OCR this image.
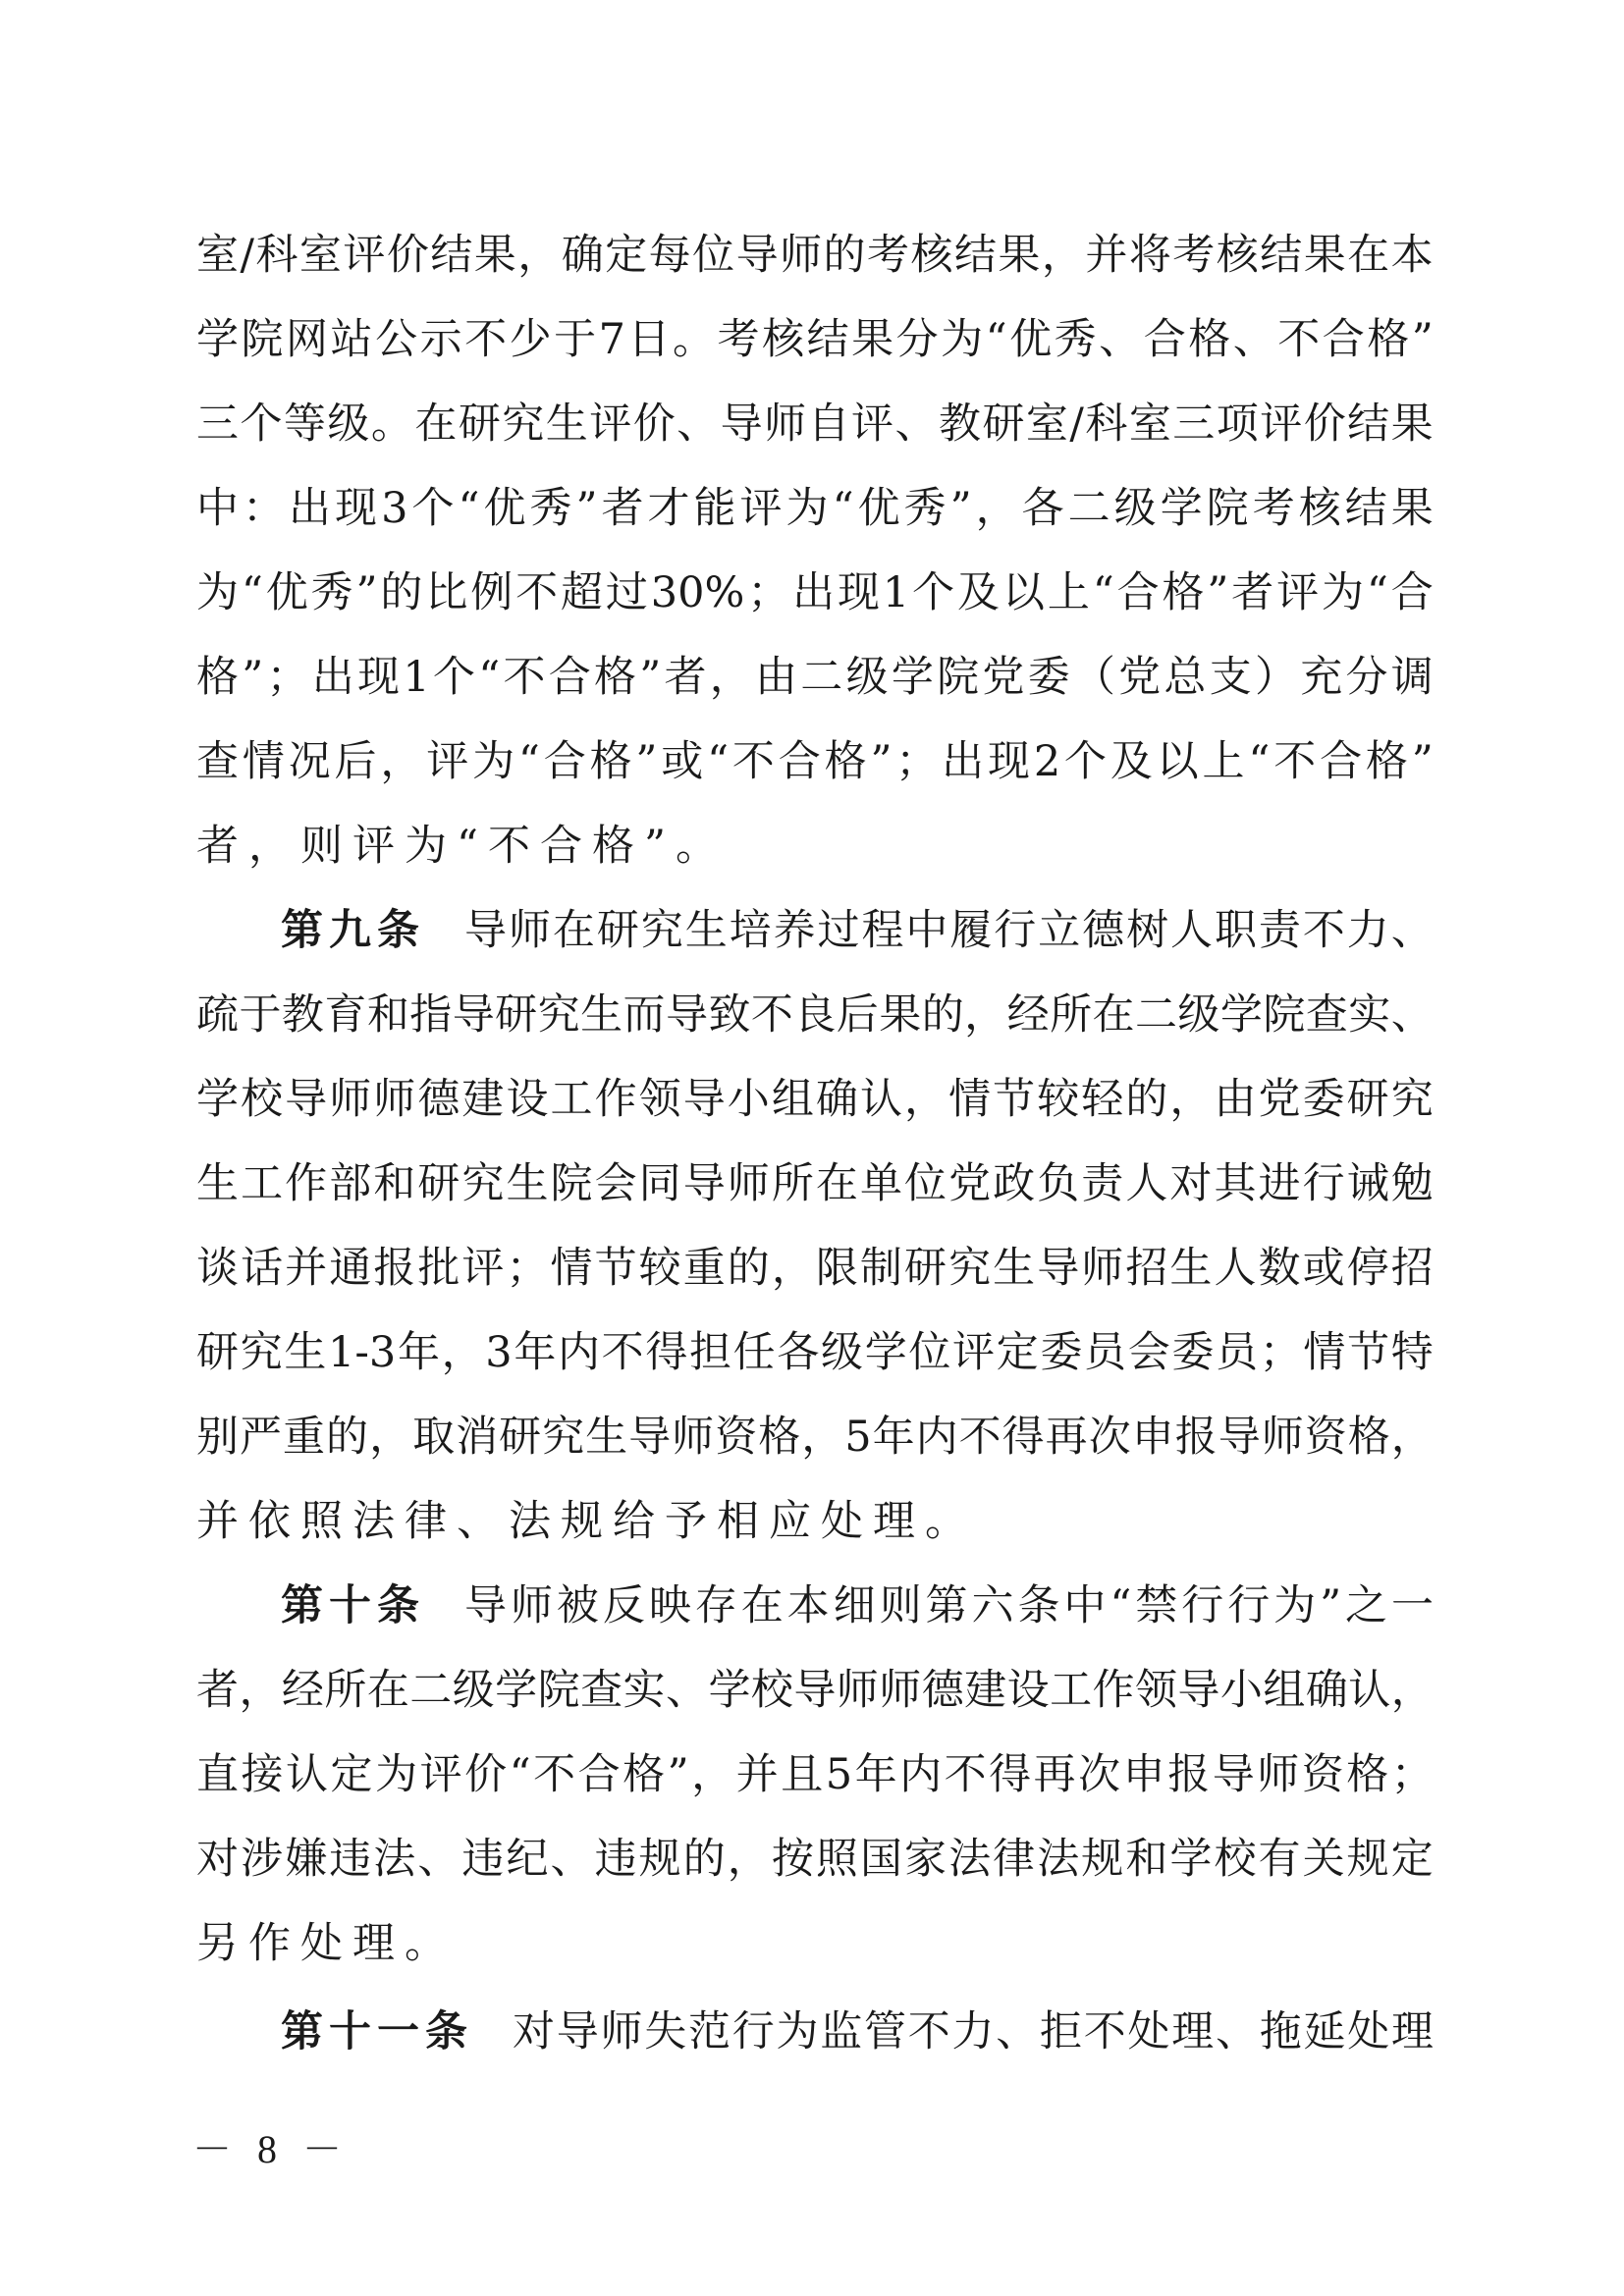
室 / 科 室 评 价 结 果 ， 确 定 每 位 导 师 的 考 核 结 果 ， 并 将 考 核 结 果 在 本
学 院 网 站 公 示 不 少 于 7 日 。 考 核 结 果 分 为 “ 优 秀 、 合 格 、 不 合 格 ”
三 个 等 级 。 在 研 究 生 评 价 、 导 师 自 评 、 教 研 室 / 科 室 三 项 评 价 结 果
中 ： 出 现 3 个 “ 优 秀 ” 者 才 能 评 为 “ 优 秀 ” ， 各 二 级 学 院 考 核 结 果
为 “ 优 秀 ” 的 比 例 不 超 过 30% ； 出 现 1 个 及 以 上 “ 合 格 ” 者 评 为 “ 合
格 ” ； 出 现 1 个 “ 不 合 格 ” 者 ， 由 二 级 学 院 党 委 （ 党 总 支 ） 充 分 调
查 情 况 后 ， 评 为 “ 合 格 ” 或 “ 不 合 格 ” ； 出 现 2 个 及 以 上 “ 不 合 格 ”
者，则评为“不合格”。
第九条 导 师 在 研 究 生 培 养 过 程 中 履 行 立 德 树 人 职 责 不 力 、
疏 于 教 育 和 指 导 研 究 生 而 导 致 不 良 后 果 的 ， 经 所 在 二 级 学 院 查 实 、
学 校 导 师 师 德 建 设 工 作 领 导 小 组 确 认 ， 情 节 较 轻 的 ， 由 党 委 研 究
生 工 作 部 和 研 究 生 院 会 同 导 师 所 在 单 位 党 政 负 责 人 对 其 进 行 诫 勉
谈 话 并 通 报 批 评 ； 情 节 较 重 的 ， 限 制 研 究 生 导 师 招 生 人 数 或 停 招
研 究 生 1-3 年 ， 3 年 内 不 得 担 任 各 级 学 位 评 定 委 员 会 委 员 ； 情 节 特
别 严 重 的 ， 取 消 研 究 生 导 师 资 格 ， 5 年 内 不 得 再 次 申 报 导 师 资 格 ，
并依照法律、法规给予相应处理。
第十条 导 师 被 反 映 存 在 本 细 则 第 六 条 中 “ 禁 行 行 为 ” 之 一
者 ， 经 所 在 二 级 学 院 查 实 、 学 校 导 师 师 德 建 设 工 作 领 导 小 组 确 认 ，
直 接 认 定 为 评 价 “ 不 合 格 ” ， 并 且 5 年 内 不 得 再 次 申 报 导 师 资 格 ；
对 涉 嫌 违 法 、 违 纪 、 违 规 的 ， 按 照 国 家 法 律 法 规 和 学 校 有 关 规 定
另作处理。
第十一条 对 导 师 失 范 行 为 监 管 不 力 、 拒 不 处 理 、 拖 延 处 理
－ 8 －
